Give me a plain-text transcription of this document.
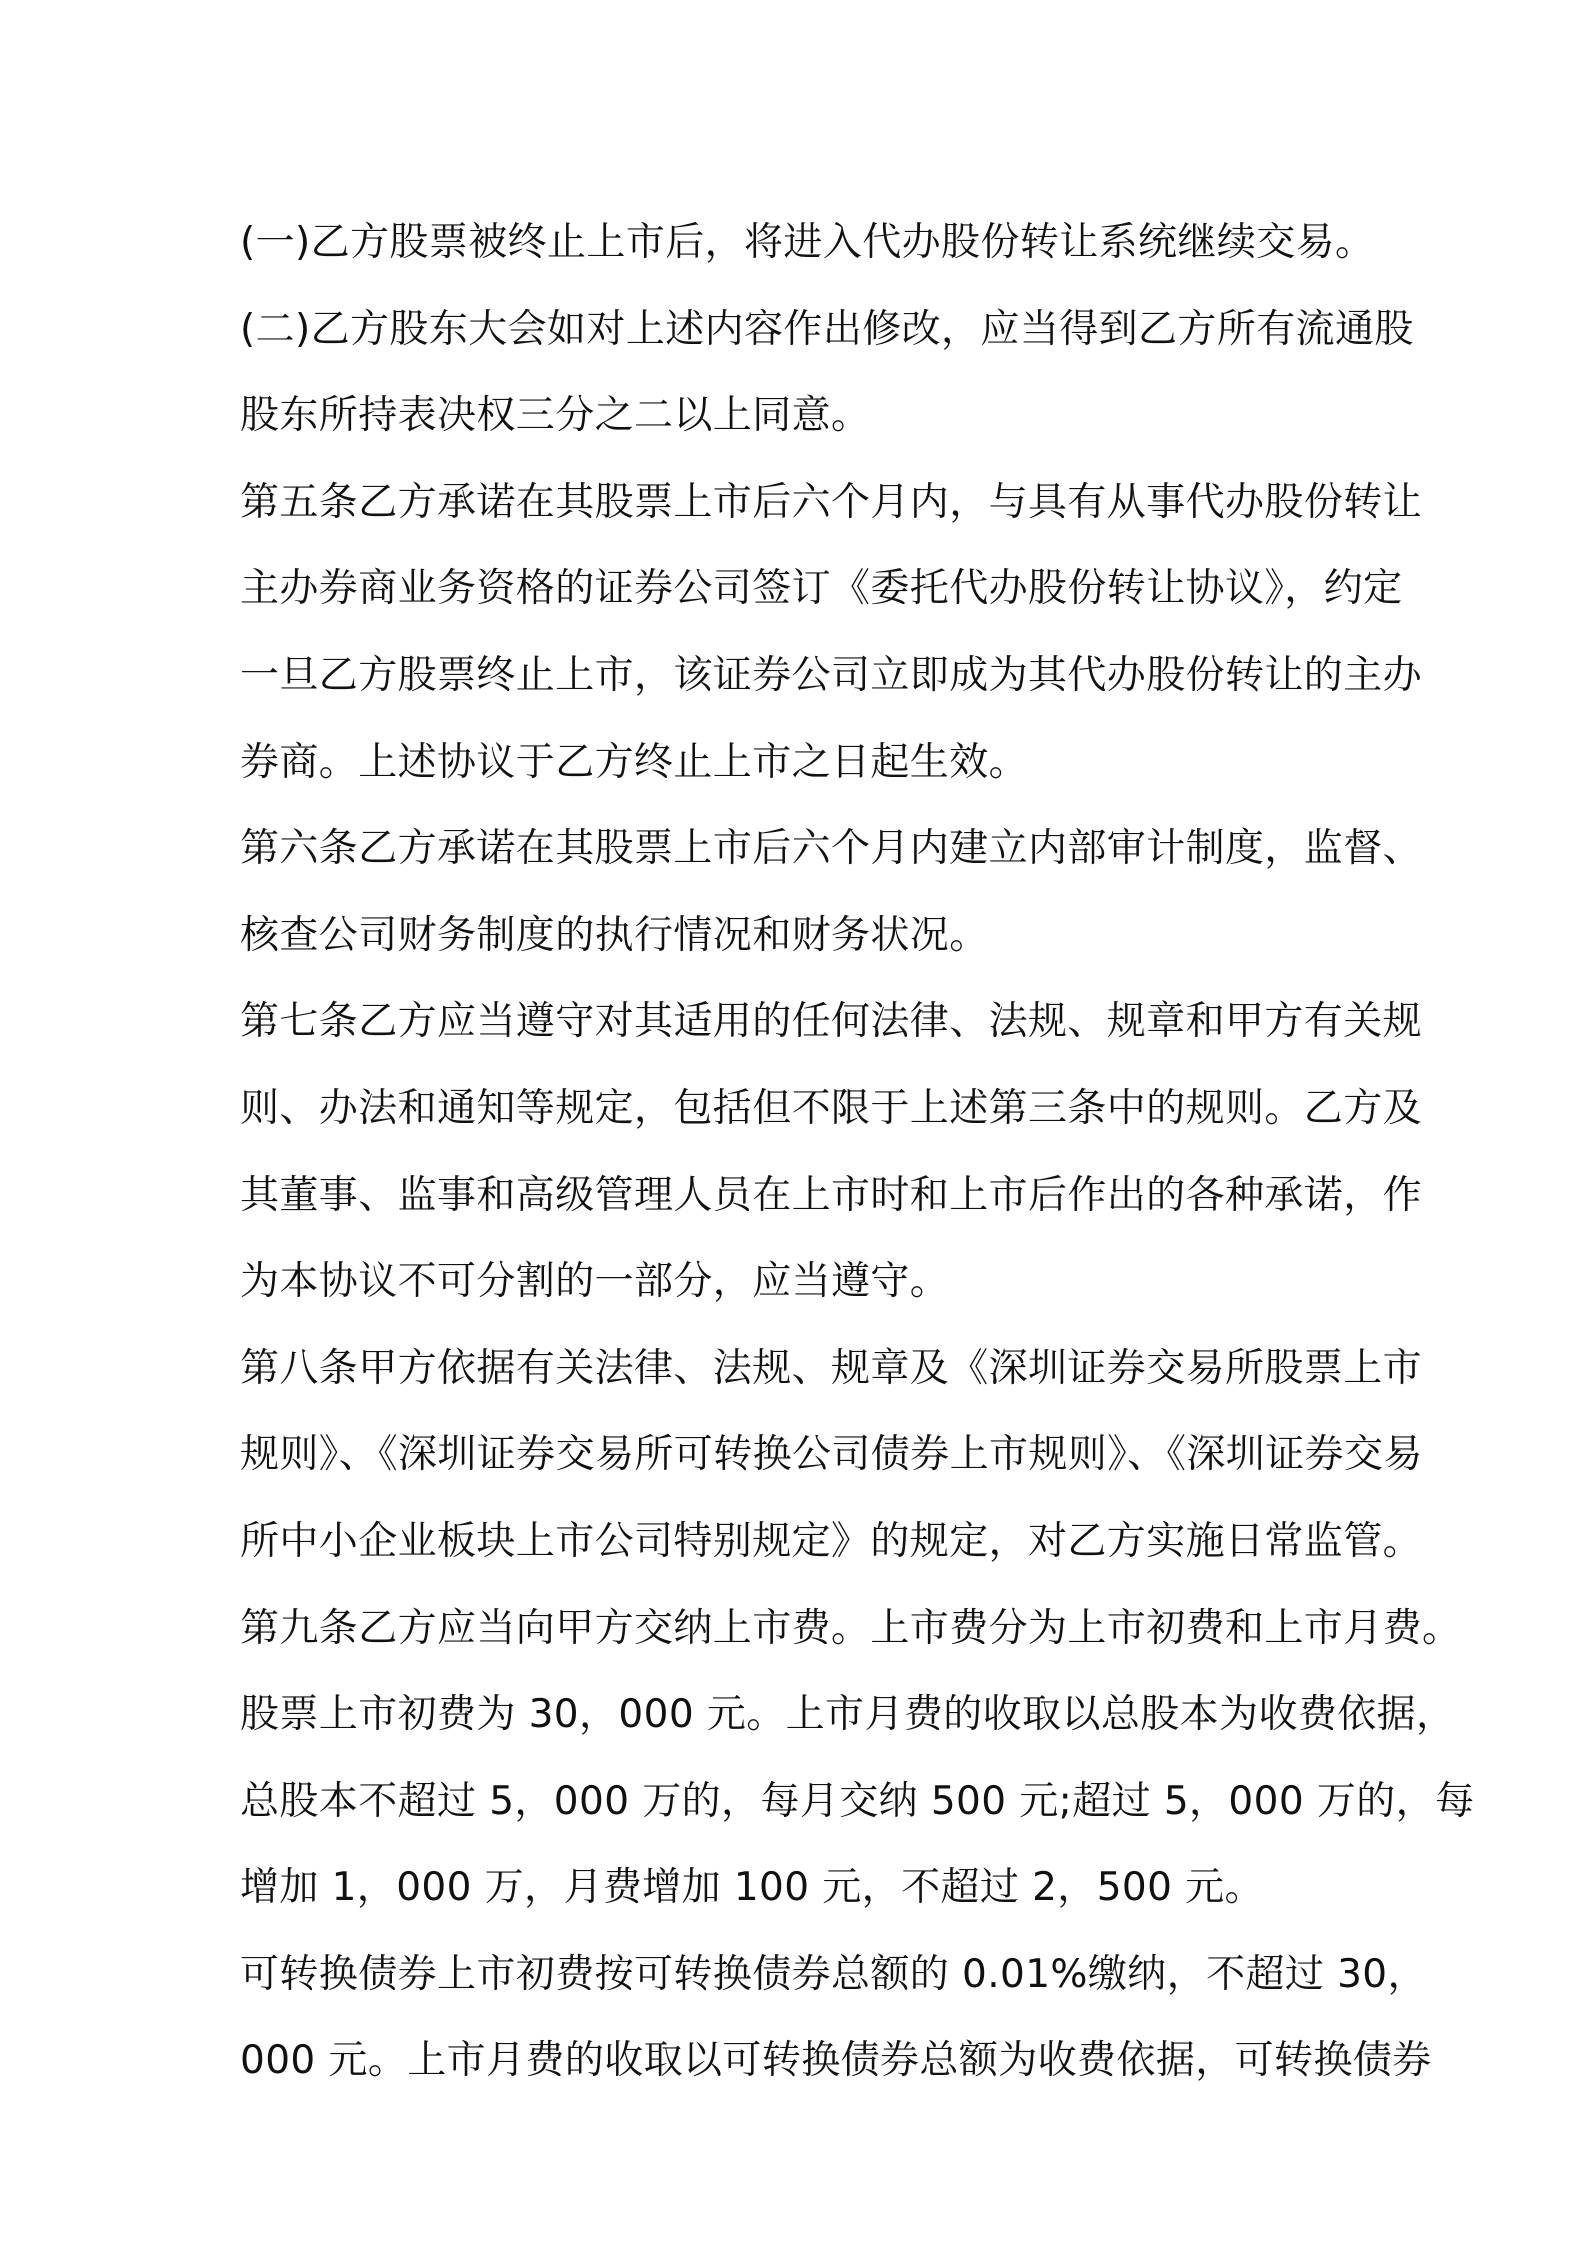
(一)乙方股票被终止上市后，将进入代办股份转让系统继续交易。
(二)乙方股东大会如对上述内容作出修改，应当得到乙方所有流通股
股东所持表决权三分之二以上同意。
第五条乙方承诺在其股票上市后六个月内，与具有从事代办股份转让
主办券商业务资格的证券公司签订《委托代办股份转让协议》，约定
一旦乙方股票终止上市，该证券公司立即成为其代办股份转让的主办
券商。上述协议于乙方终止上市之日起生效。
第六条乙方承诺在其股票上市后六个月内建立内部审计制度，监督、
核查公司财务制度的执行情况和财务状况。
第七条乙方应当遵守对其适用的任何法律、法规、规章和甲方有关规
则、办法和通知等规定，包括但不限于上述第三条中的规则。乙方及
其董事、监事和高级管理人员在上市时和上市后作出的各种承诺，作
为本协议不可分割的一部分，应当遵守。
第八条甲方依据有关法律、法规、规章及《深圳证券交易所股票上市
规则》、《深圳证券交易所可转换公司债券上市规则》、《深圳证券交易
所中小企业板块上市公司特别规定》的规定，对乙方实施日常监管。
第九条乙方应当向甲方交纳上市费。上市费分为上市初费和上市月费。
股票上市初费为 30，000 元。上市月费的收取以总股本为收费依据，
总股本不超过 5，000 万的，每月交纳 500 元;超过 5，000 万的，每
增加 1，000 万，月费增加 100 元，不超过 2，500 元。
可转换债券上市初费按可转换债券总额的 0.01%缴纳，不超过 30，
000 元。上市月费的收取以可转换债券总额为收费依据，可转换债券
